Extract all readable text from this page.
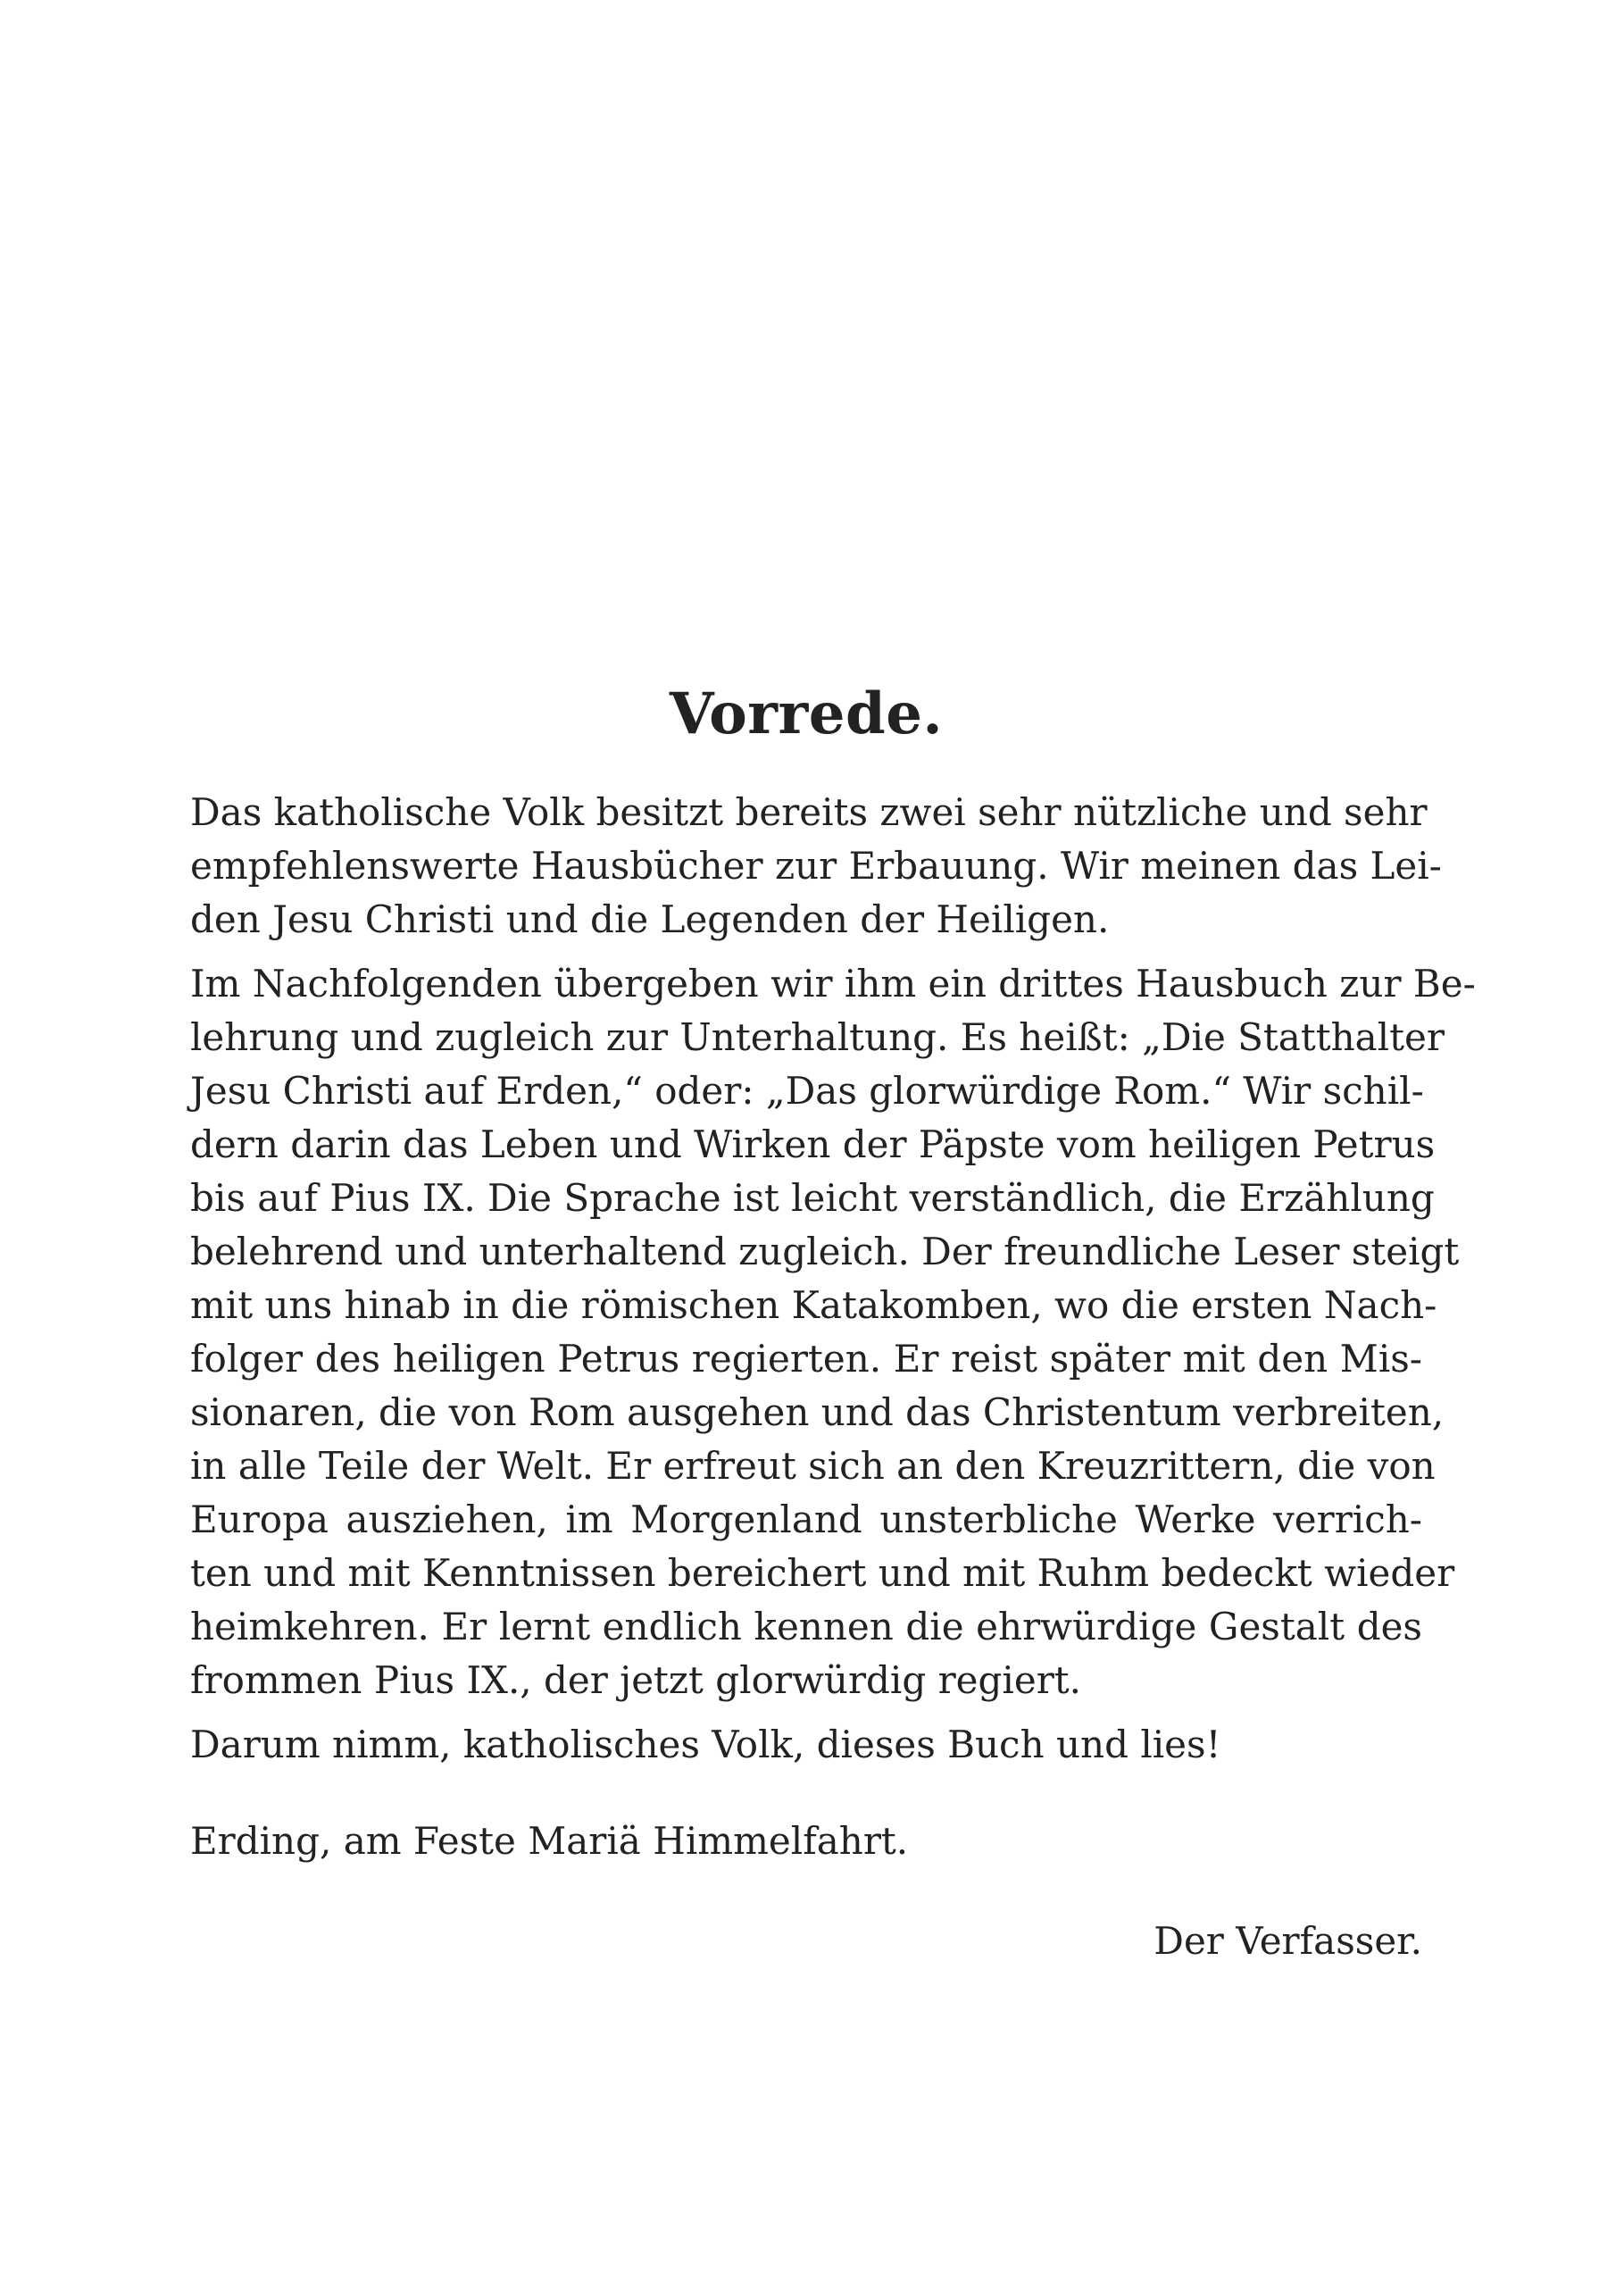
Vorrede.

Das katholische Volk besitzt bereits zwei sehr nützliche und sehr
empfehlenswerte Hausbücher zur Erbauung. Wir meinen das Lei-
den Jesu Christi und die Legenden der Heiligen.

Im Nachfolgenden übergeben wir ihm ein drittes Hausbuch zur Be-
lehrung und zugleich zur Unterhaltung. Es heißt: „Die Statthalter
Jesu Christi auf Erden,“ oder: „Das glorwürdige Rom.“ Wir schil-
dern darin das Leben und Wirken der Päpste vom heiligen Petrus
bis auf Pius IX. Die Sprache ist leicht verständlich, die Erzählung
belehrend und unterhaltend zugleich. Der freundliche Leser steigt
mit uns hinab in die römischen Katakomben, wo die ersten Nach-
folger des heiligen Petrus regierten. Er reist später mit den Mis-
sionaren, die von Rom ausgehen und das Christentum verbreiten,
in alle Teile der Welt. Er erfreut sich an den Kreuzrittern, die von
Europa ausziehen, im Morgenland unsterbliche Werke verrich-
ten und mit Kenntnissen bereichert und mit Ruhm bedeckt wieder
heimkehren. Er lernt endlich kennen die ehrwürdige Gestalt des
frommen Pius IX., der jetzt glorwürdig regiert.

Darum nimm, katholisches Volk, dieses Buch und lies!

Erding, am Feste Mariä Himmelfahrt.

Der Verfasser.
